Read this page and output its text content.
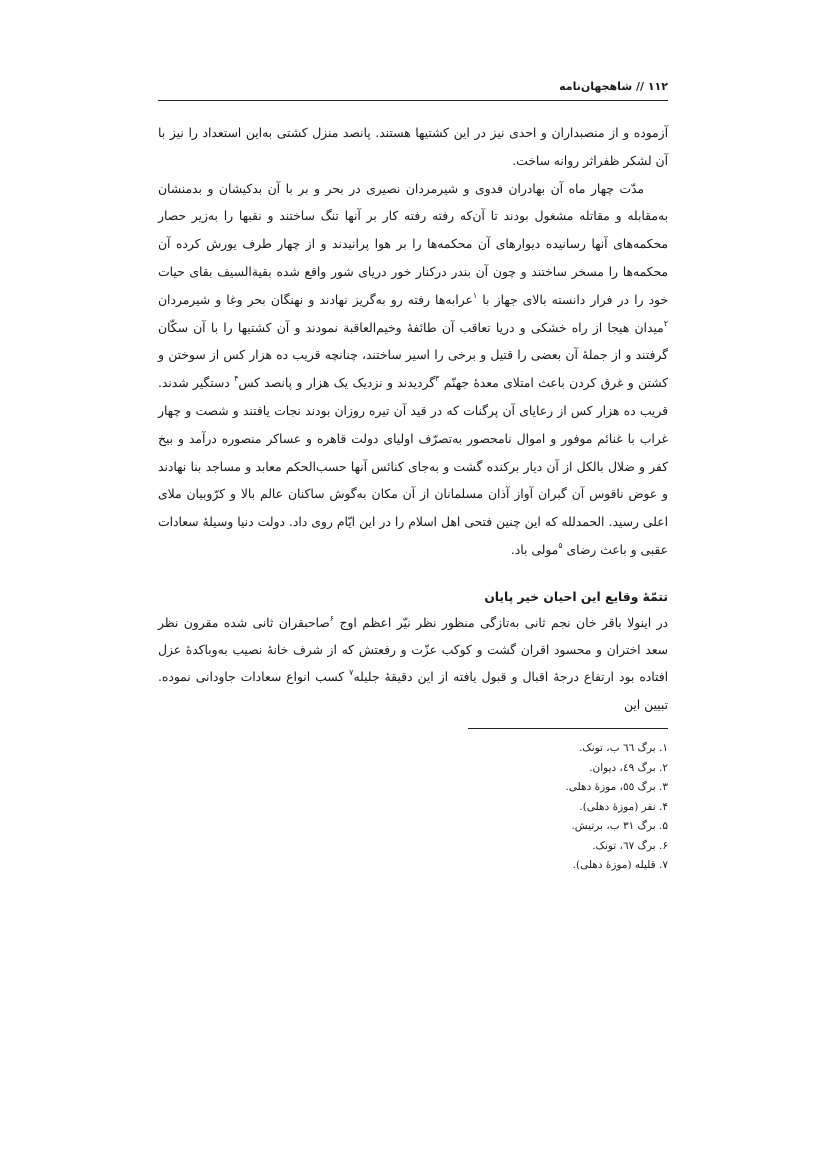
۱۱۲ // شاهجهان‌نامه

آزموده و از منصبداران و احدی نیز در این کشتیها هستند. پانصد منزل کشتی به‌این استعداد را نیز با آن لشکر ظفراثر روانه ساخت.

مدّت چهار ماه آن بهادران فدوی و شیرمردان نصیری در بحر و بر با آن بدکیشان و بدمنشان به‌مقابله و مقاتله مشغول بودند تا آن‌که رفته رفته کار بر آنها تنگ ساختند و نقبها را به‌زیر حصار محکمه‌های آنها رسانیده دیوارهای آن محکمه‌ها را بر هوا پرانیدند و از چهار طرف یورش کرده آن محکمه‌ها را مسخر ساختند و چون آن بندر درکنار خور دریای شور واقع شده بقیةالسیف بقای حیات خود را در فرار دانسته بالای جهاز با $^۱$عرابه‌ها رفته رو به‌گریز نهادند و نهنگان بحر وغا و شیرمردان $^۲$میدان هیجا از راه خشکی و دریا تعاقب آن طائفهٔ وخیم‌العاقبة نمودند و آن کشتیها را با آن سکّان گرفتند و از جملهٔ آن بعضی را قتیل و برخی را اسیر ساختند، چنانچه قریب ده هزار کس از سوختن و کشتن و غرق کردن باعث امتلای معدهٔ جهنّم $^۳$گردیدند و نزدیک یک هزار و پانصد کس$^۴$ دستگیر شدند. قریب ده هزار کس از رعایای آن پرگنات که در قید آن تیره روزان بودند نجات یافتند و شصت و چهار غراب با غنائم موفور و اموال نامحصور به‌تصرّف اولیای دولت قاهره و عساکر منصوره درآمد و بیخ کفر و ضلال بالکل از آن دیار برکنده گشت و به‌جای کنائس آنها حسب‌الحکم معابد و مساجد بنا نهادند و عوض ناقوس آن گبران آواز آذان مسلمانان از آن مکان به‌گوش ساکنان عالم بالا و کرّوبیان ملای اعلی رسید. الحمدلله که این چنین فتحی اهل اسلام را در این ایّام روی داد. دولت دنیا وسیلهٔ سعادات عقبی و باعث رضای $^۵$مولی باد.

تتمّهٔ وقایع این احیان خیر پایان

در اینولا باقر خان نجم ثانی به‌تازگی منظور نظر نیّر اعظم اوج $^۶$صاحبقران ثانی شده مقرون نظر سعد اختران و محسود اقران گشت و کوکب عزّت و رفعتش که از شرف خانهٔ نصیب به‌وباکدهٔ عزل افتاده بود ارتفاع درجهٔ اقبال و قبول یافته از این دقیقهٔ جلیله$^۷$ کسب انواع سعادات جاودانی نموده. تبیین این

۱. برگ ٦٦ ب، تونک.
۲. برگ ٤٩، دیوان.
۳. برگ ٥٥، موزهٔ دهلی.
۴. نفر (موزهٔ دهلی).
۵. برگ ۳۱ ب، برتیش.
۶. برگ ٦٧، تونک.
۷. قلیله (موزهٔ دهلی).
